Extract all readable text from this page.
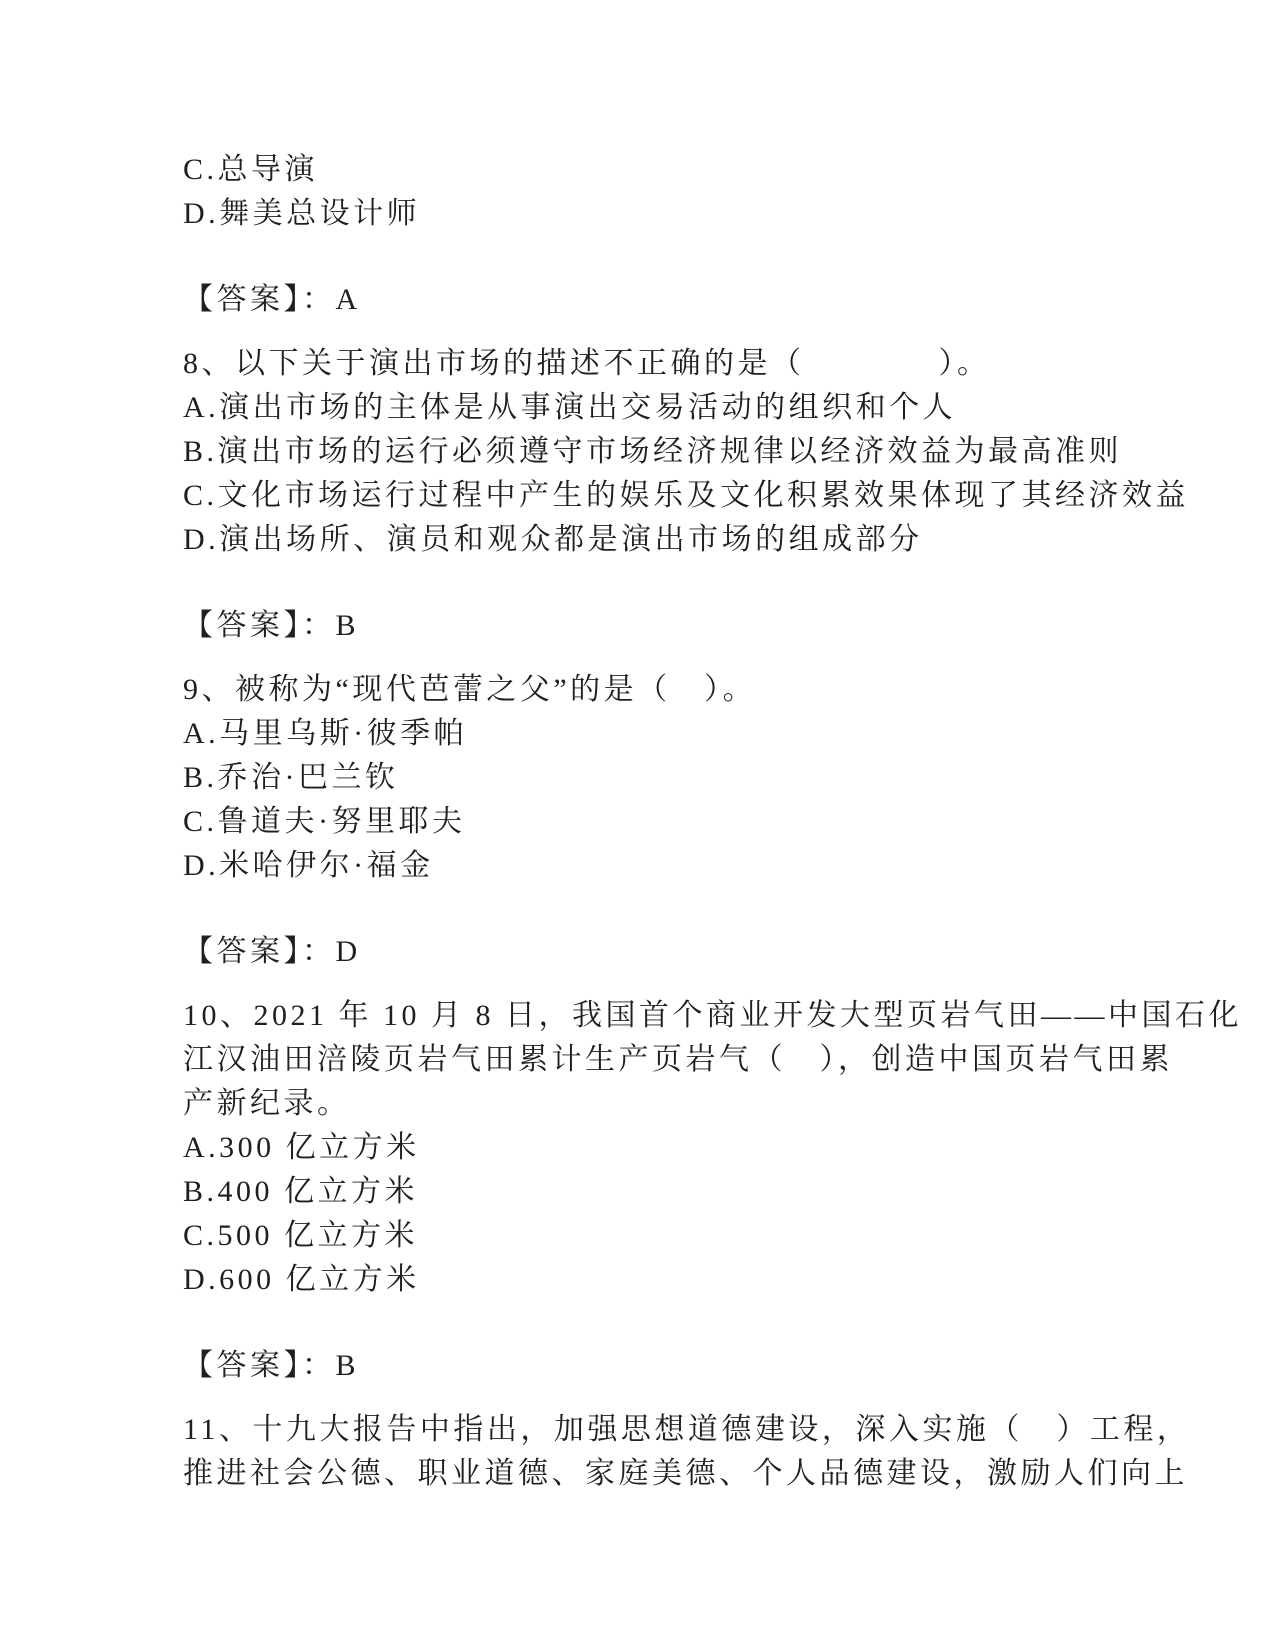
C.总导演
D.舞美总设计师
【答案】：A
8、以下关于演出市场的描述不正确的是（　　　　）。
A.演出市场的主体是从事演出交易活动的组织和个人
B.演出市场的运行必须遵守市场经济规律以经济效益为最高准则
C.文化市场运行过程中产生的娱乐及文化积累效果体现了其经济效益
D.演出场所、演员和观众都是演出市场的组成部分
【答案】：B
9、被称为“现代芭蕾之父”的是（　）。
A.马里乌斯·彼季帕
B.乔治·巴兰钦
C.鲁道夫·努里耶夫
D.米哈伊尔·福金
【答案】：D
10、2021 年 10 月 8 日，我国首个商业开发大型页岩气田——中国石化
江汉油田涪陵页岩气田累计生产页岩气（　），创造中国页岩气田累
产新纪录。
A.300 亿立方米
B.400 亿立方米
C.500 亿立方米
D.600 亿立方米
【答案】：B
11、十九大报告中指出，加强思想道德建设，深入实施（　）工程，
推进社会公德、职业道德、家庭美德、个人品德建设，激励人们向上
